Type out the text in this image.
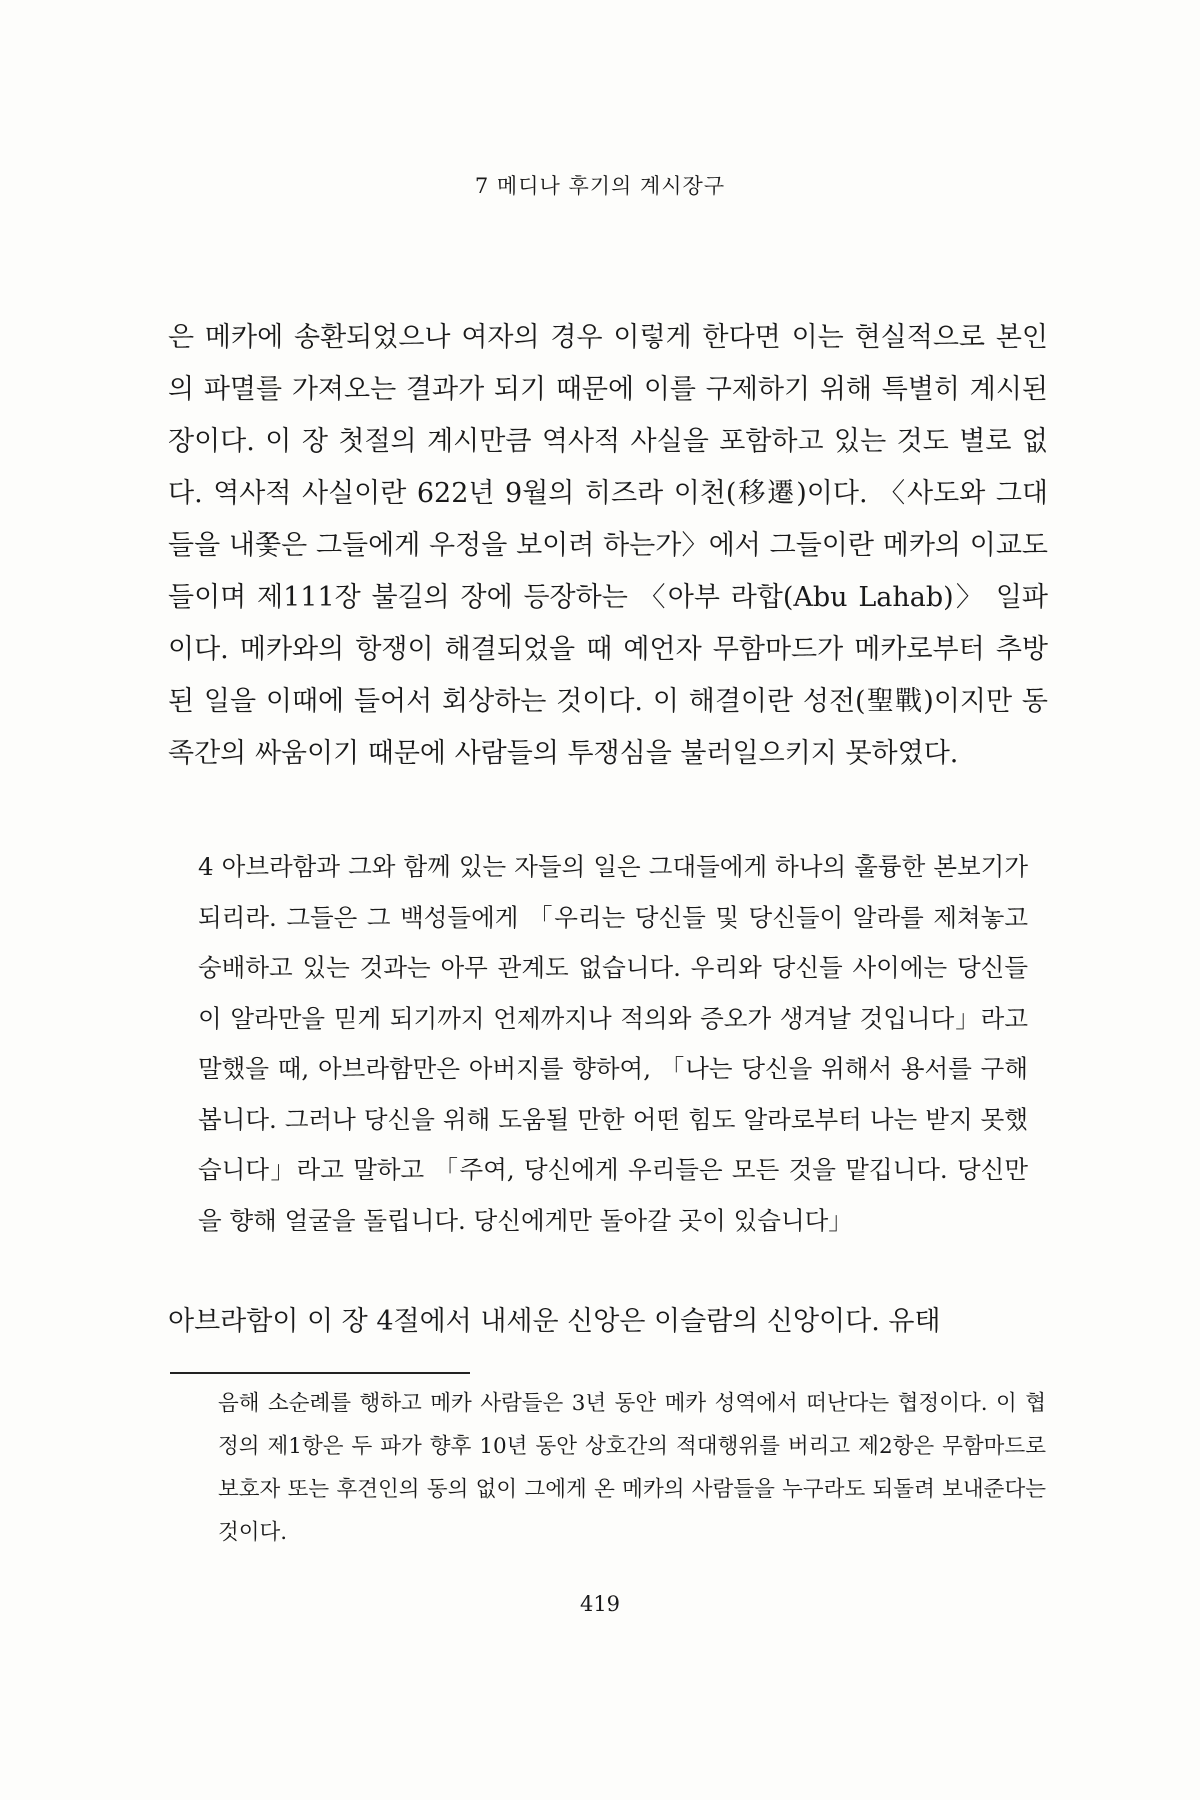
7 메디나 후기의 계시장구

은 메카에 송환되었으나 여자의 경우 이렇게 한다면 이는 현실적으로 본인의 파멸를 가져오는 결과가 되기 때문에 이를 구제하기 위해 특별히 계시된 장이다. 이 장 첫절의 계시만큼 역사적 사실을 포함하고 있는 것도 별로 없다. 역사적 사실이란 622년 9월의 히즈라 이천(移遷)이다. 〈사도와 그대들을 내쫓은 그들에게 우정을 보이려 하는가〉에서 그들이란 메카의 이교도들이며 제111장 불길의 장에 등장하는 〈아부 라합(Abu Lahab)〉 일파이다. 메카와의 항쟁이 해결되었을 때 예언자 무함마드가 메카로부터 추방된 일을 이때에 들어서 회상하는 것이다. 이 해결이란 성전(聖戰)이지만 동족간의 싸움이기 때문에 사람들의 투쟁심을 불러일으키지 못하였다.

4 아브라함과 그와 함께 있는 자들의 일은 그대들에게 하나의 훌륭한 본보기가 되리라. 그들은 그 백성들에게 「우리는 당신들 및 당신들이 알라를 제쳐놓고 숭배하고 있는 것과는 아무 관계도 없습니다. 우리와 당신들 사이에는 당신들이 알라만을 믿게 되기까지 언제까지나 적의와 증오가 생겨날 것입니다」라고 말했을 때, 아브라함만은 아버지를 향하여, 「나는 당신을 위해서 용서를 구해 봅니다. 그러나 당신을 위해 도움될 만한 어떤 힘도 알라로부터 나는 받지 못했습니다」라고 말하고 「주여, 당신에게 우리들은 모든 것을 맡깁니다. 당신만을 향해 얼굴을 돌립니다. 당신에게만 돌아갈 곳이 있습니다」

아브라함이 이 장 4절에서 내세운 신앙은 이슬람의 신앙이다. 유태

음해 소순례를 행하고 메카 사람들은 3년 동안 메카 성역에서 떠난다는 협정이다. 이 협정의 제1항은 두 파가 향후 10년 동안 상호간의 적대행위를 버리고 제2항은 무함마드로 보호자 또는 후견인의 동의 없이 그에게 온 메카의 사람들을 누구라도 되돌려 보내준다는 것이다.

419
